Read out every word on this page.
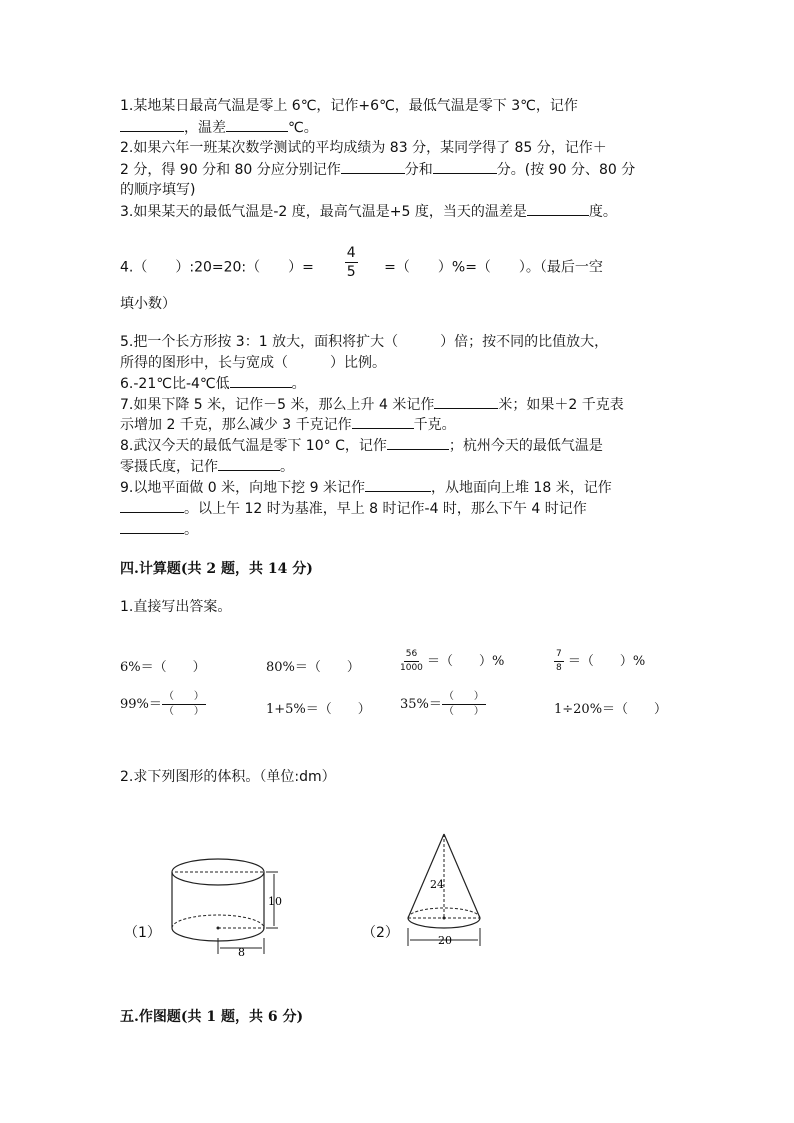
1.某地某日最高气温是零上 6℃，记作+6℃，最低气温是零下 3℃，记作
，温差	℃。
2.如果六年一班某次数学测试的平均成绩为 83 分，某同学得了 85 分，记作＋
2 分，得 90 分和 80 分应分别记作	分和	分。(按 90 分、80 分
的顺序填写)
3.如果某天的最低气温是-2 度，最高气温是+5 度，当天的温差是	度。
4.（　　）:20=20:（　　）= $\frac{4}{5}$ =（　　）%=（　　）。（最后一空
填小数）
5.把一个长方形按 3：1 放大，面积将扩大（　　　）倍；按不同的比值放大，
所得的图形中，长与宽成（　　　）比例。
6.-21℃比-4℃低	。
7.如果下降 5 米，记作－5 米，那么上升 4 米记作	米；如果＋2 千克表
示增加 2 千克，那么减少 3 千克记作	千克。
8.武汉今天的最低气温是零下 10° C，记作	；杭州今天的最低气温是
零摄氏度，记作	。
9.以地平面做 0 米，向地下挖 9 米记作	，从地面向上堆 18 米，记作
。以上午 12 时为基准，早上 8 时记作-4 时，那么下午 4 时记作
。
四.计算题(共 2 题，共 14 分)
1.直接写出答案。
6%＝（　　）	80%＝（　　）	$\frac{56}{1000}$ ＝（　　）%	$\frac{7}{8}$ ＝（　　）%
$99\%= \frac{( )}{( )}$	1+5%＝（　　） $35\%= \frac{( )}{( )}$	1÷20%＝（　　）
2.求下列图形的体积。（单位:dm）
（1）
10
8
（2）
24
20
五.作图题(共 1 题，共 6 分)
